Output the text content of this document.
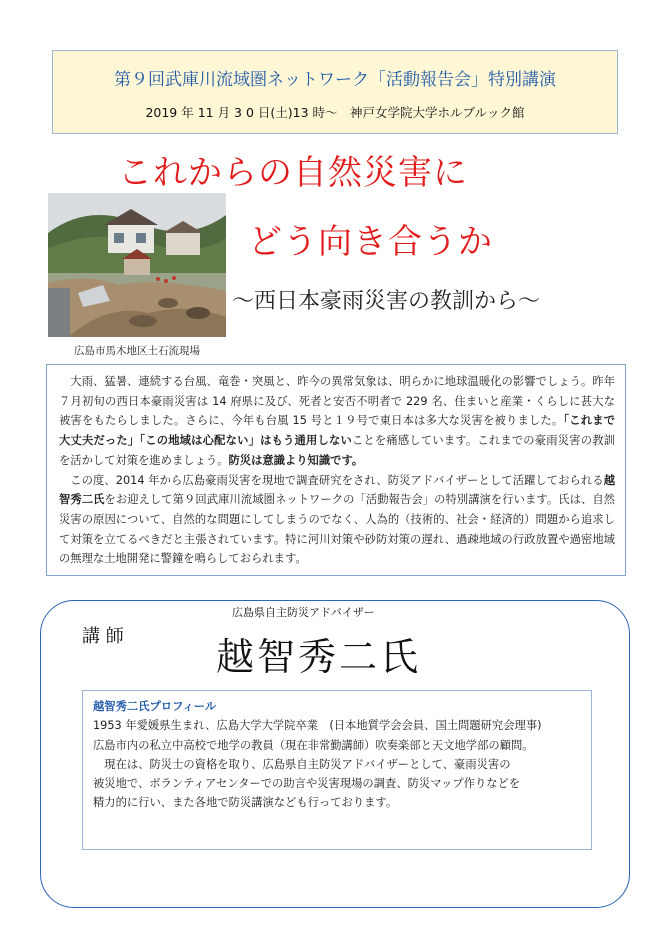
第９回武庫川流域圏ネットワーク「活動報告会」特別講演
2019 年 11 月 3 0 日(土)13 時～　神戸女学院大学ホルブルック館
これからの自然災害に
どう向き合うか
～西日本豪雨災害の教訓から～
広島市馬木地区土石流現場

大雨、猛暑、連続する台風、竜巻・突風と、昨今の異常気象は、明らかに地球温暖化の影響でしょう。昨年７月初旬の西日本豪雨災害は 14 府県に及び、死者と安否不明者で 229 名、住まいと産業・くらしに甚大な被害をもたらしました。さらに、今年も台風 15 号と１９号で東日本は多大な災害を被りました。「これまで大丈夫だった」「この地域は心配ない」はもう通用しないことを痛感しています。これまでの豪雨災害の教訓を活かして対策を進めましょう。防災は意識より知識です。

この度、2014 年から広島豪雨災害を現地で調査研究をされ、防災アドバイザーとして活躍しておられる越智秀二氏をお迎えして第９回武庫川流域圏ネットワークの「活動報告会」の特別講演を行います。氏は、自然災害の原因について、自然的な問題にしてしまうのでなく、人為的（技術的、社会・経済的）問題から追求して対策を立てるべきだと主張されています。特に河川対策や砂防対策の遅れ、過疎地域の行政放置や過密地域の無理な土地開発に警鐘を鳴らしておられます。

講 師
広島県自主防災アドバイザー
越智秀二氏
越智秀二氏プロフィール

1953 年愛媛県生まれ、広島大学大学院卒業　(日本地質学会会員、国土問題研究会理事)

広島市内の私立中高校で地学の教員（現在非常勤講師）吹奏楽部と天文地学部の顧問。

現在は、防災士の資格を取り、広島県自主防災アドバイザーとして、豪雨災害の

被災地で、ボランティアセンターでの助言や災害現場の調査、防災マップ作りなどを

精力的に行い、また各地で防災講演なども行っております。
